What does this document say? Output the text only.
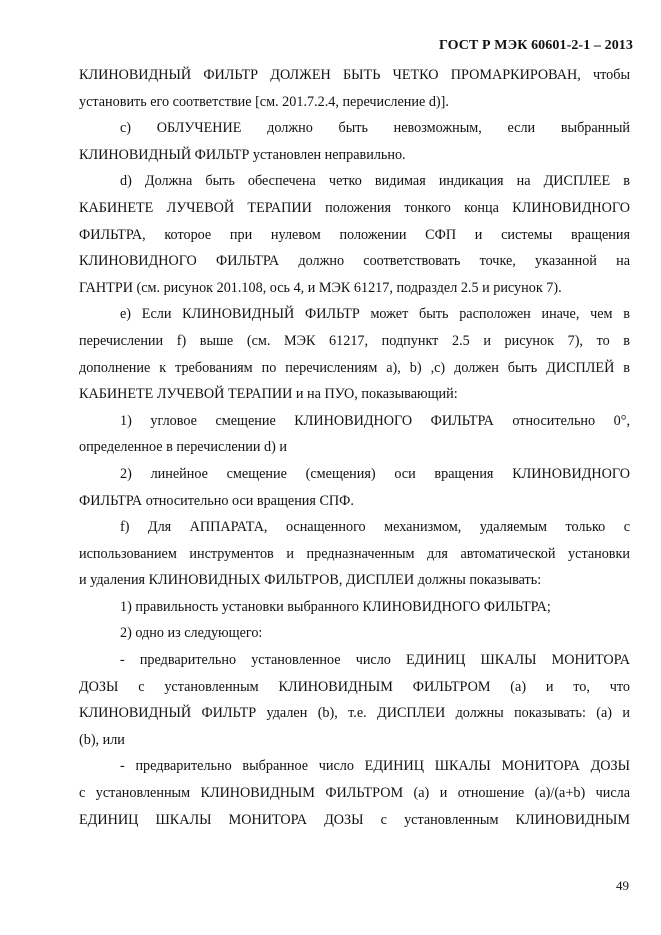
ГОСТ Р МЭК 60601-2-1 – 2013
КЛИНОВИДНЫЙ ФИЛЬТР ДОЛЖЕН БЫТЬ ЧЕТКО ПРОМАРКИРОВАН, чтобы
установить его соответствие [см. 201.7.2.4, перечисление d)].
c) ОБЛУЧЕНИЕ должно быть невозможным, если выбранный
КЛИНОВИДНЫЙ ФИЛЬТР установлен неправильно.
d) Должна быть обеспечена четко видимая индикация на ДИСПЛЕЕ в
КАБИНЕТЕ ЛУЧЕВОЙ ТЕРАПИИ положения тонкого конца КЛИНОВИДНОГО
ФИЛЬТРА, которое при нулевом положении СФП и системы вращения
КЛИНОВИДНОГО ФИЛЬТРА должно соответствовать точке, указанной на
ГАНТРИ (см. рисунок 201.108, ось 4, и МЭК 61217, подраздел 2.5 и рисунок 7).
e) Если КЛИНОВИДНЫЙ ФИЛЬТР может быть расположен иначе, чем в
перечислении f) выше (см. МЭК 61217, подпункт 2.5 и рисунок 7), то в
дополнение к требованиям по перечислениям a), b) ,c) должен быть ДИСПЛЕЙ в
КАБИНЕТЕ ЛУЧЕВОЙ ТЕРАПИИ и на ПУО, показывающий:
1) угловое смещение КЛИНОВИДНОГО ФИЛЬТРА относительно 0°,
определенное в перечислении d) и
2) линейное смещение (смещения) оси вращения КЛИНОВИДНОГО
ФИЛЬТРА относительно оси вращения СПФ.
f) Для АППАРАТА, оснащенного механизмом, удаляемым только с
использованием инструментов и предназначенным для автоматической установки
и удаления КЛИНОВИДНЫХ ФИЛЬТРОВ, ДИСПЛЕИ должны показывать:
1) правильность установки выбранного КЛИНОВИДНОГО ФИЛЬТРА;
2) одно из следующего:
- предварительно установленное число ЕДИНИЦ ШКАЛЫ МОНИТОРА
ДОЗЫ с установленным КЛИНОВИДНЫМ ФИЛЬТРОМ (a) и то, что
КЛИНОВИДНЫЙ ФИЛЬТР удален (b), т.е. ДИСПЛЕИ должны показывать: (a) и
(b), или
- предварительно выбранное число ЕДИНИЦ ШКАЛЫ МОНИТОРА ДОЗЫ
с установленным КЛИНОВИДНЫМ ФИЛЬТРОМ (a) и отношение (a)/(a+b) числа
ЕДИНИЦ ШКАЛЫ МОНИТОРА ДОЗЫ с установленным КЛИНОВИДНЫМ
49
